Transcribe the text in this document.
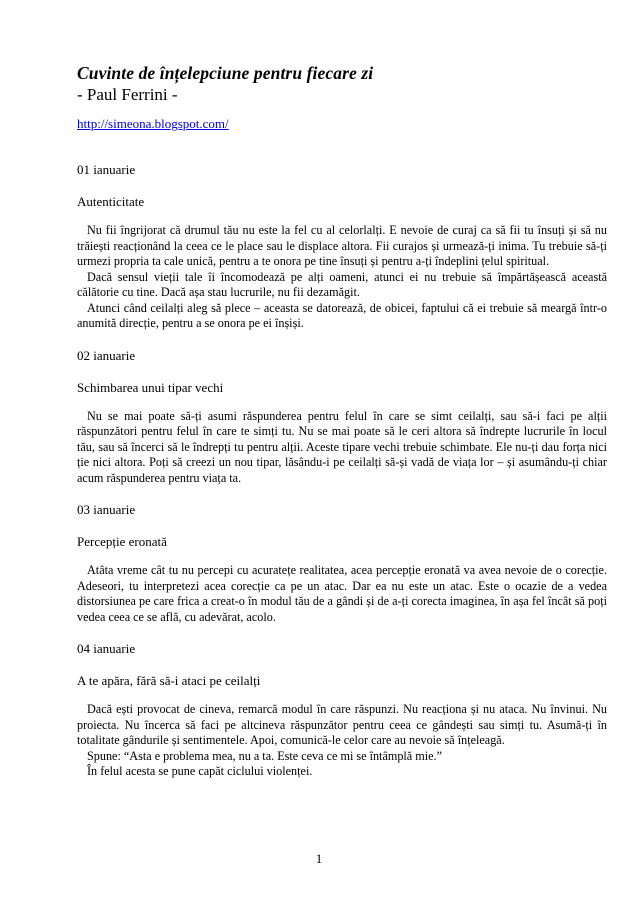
Cuvinte de înțelepciune pentru fiecare zi
- Paul Ferrini -
http://simeona.blogspot.com/
01 ianuarie
Autenticitate

Nu fii îngrijorat că drumul tău nu este la fel cu al celorlalți. E nevoie de curaj ca să fii tu însuți și să nu trăiești reacționând la ceea ce le place sau le displace altora. Fii curajos și urmează-ți inima. Tu trebuie să-ți urmezi propria ta cale unică, pentru a te onora pe tine însuți și pentru a-ți îndeplini țelul spiritual.

Dacă sensul vieții tale îi încomodează pe alți oameni, atunci ei nu trebuie să împărtășească această călătorie cu tine. Dacă așa stau lucrurile, nu fii dezamăgit.

Atunci când ceilalți aleg să plece – aceasta se datorează, de obicei, faptului că ei trebuie să meargă într-o anumită direcție, pentru a se onora pe ei înșiși.

02 ianuarie
Schimbarea unui tipar vechi

Nu se mai poate să-ți asumi răspunderea pentru felul în care se simt ceilalți, sau să-i faci pe alții răspunzători pentru felul în care te simți tu. Nu se mai poate să le ceri altora să îndrepte lucrurile în locul tău, sau să încerci să le îndrepți tu pentru alții. Aceste tipare vechi trebuie schimbate. Ele nu-ți dau forța nici ție nici altora. Poți să creezi un nou tipar, lăsându-i pe ceilalți să-și vadă de viața lor – și asumându-ți chiar acum răspunderea pentru viața ta.

03 ianuarie
Percepție eronată

Atâta vreme cât tu nu percepi cu acuratețe realitatea, acea percepție eronată va avea nevoie de o corecție. Adeseori, tu interpretezi acea corecție ca pe un atac. Dar ea nu este un atac. Este o ocazie de a vedea distorsiunea pe care frica a creat-o în modul tău de a gândi și de a-ți corecta imaginea, în așa fel încât să poți vedea ceea ce se află, cu adevărat, acolo.

04 ianuarie
A te apăra, fără să-i ataci pe ceilalți

Dacă ești provocat de cineva, remarcă modul în care răspunzi. Nu reacționa și nu ataca. Nu învinui. Nu proiecta. Nu încerca să faci pe altcineva răspunzător pentru ceea ce gândești sau simți tu. Asumă-ți în totalitate gândurile și sentimentele. Apoi, comunică-le celor care au nevoie să înțeleagă.

Spune: “Asta e problema mea, nu a ta. Este ceva ce mi se întâmplă mie.”

În felul acesta se pune capăt ciclului violenței.

1
